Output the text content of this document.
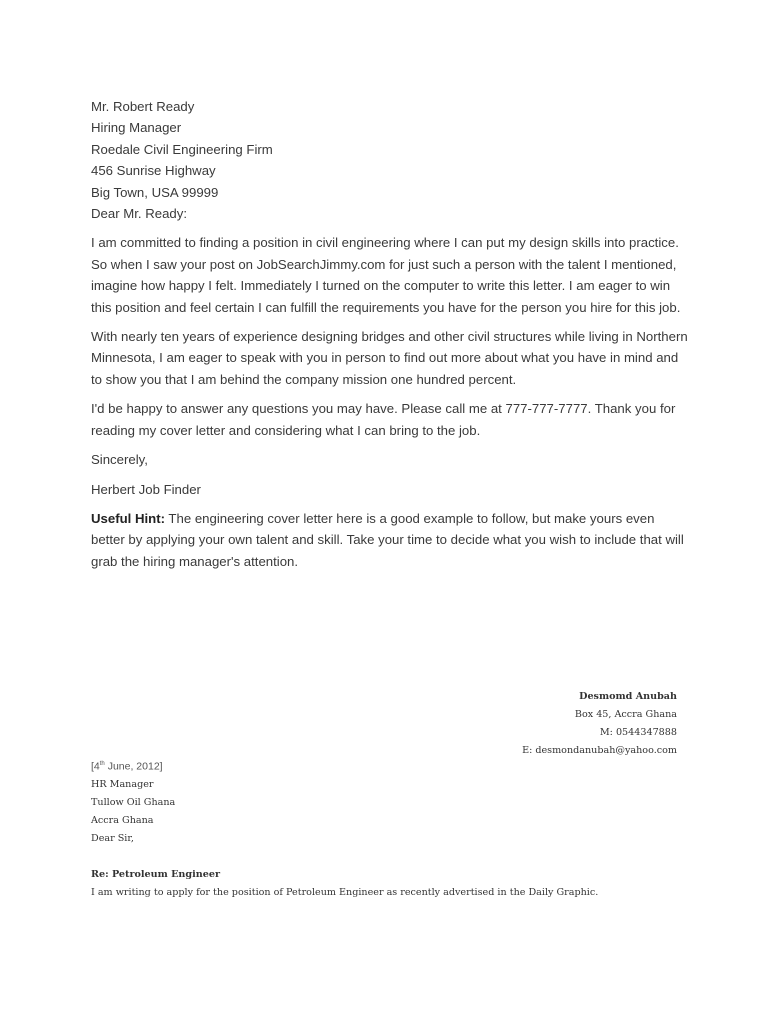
Mr. Robert Ready
Hiring Manager
Roedale Civil Engineering Firm
456 Sunrise Highway
Big Town, USA 99999
Dear Mr. Ready:
I am committed to finding a position in civil engineering where I can put my design skills into practice. So when I saw your post on JobSearchJimmy.com for just such a person with the talent I mentioned, imagine how happy I felt. Immediately I turned on the computer to write this letter. I am eager to win this position and feel certain I can fulfill the requirements you have for the person you hire for this job.
With nearly ten years of experience designing bridges and other civil structures while living in Northern Minnesota, I am eager to speak with you in person to find out more about what you have in mind and to show you that I am behind the company mission one hundred percent.
I'd be happy to answer any questions you may have. Please call me at 777-777-7777. Thank you for reading my cover letter and considering what I can bring to the job.
Sincerely,
Herbert Job Finder
Useful Hint: The engineering cover letter here is a good example to follow, but make yours even better by applying your own talent and skill. Take your time to decide what you wish to include that will grab the hiring manager's attention.
Desmomd Anubah
Box 45, Accra Ghana
M: 0544347888
E: desmondanubah@yahoo.com
[4th June, 2012]
HR Manager
Tullow Oil Ghana
Accra Ghana
Dear Sir,
Re: Petroleum Engineer
I am writing to apply for the position of Petroleum Engineer as recently advertised in the Daily Graphic.
